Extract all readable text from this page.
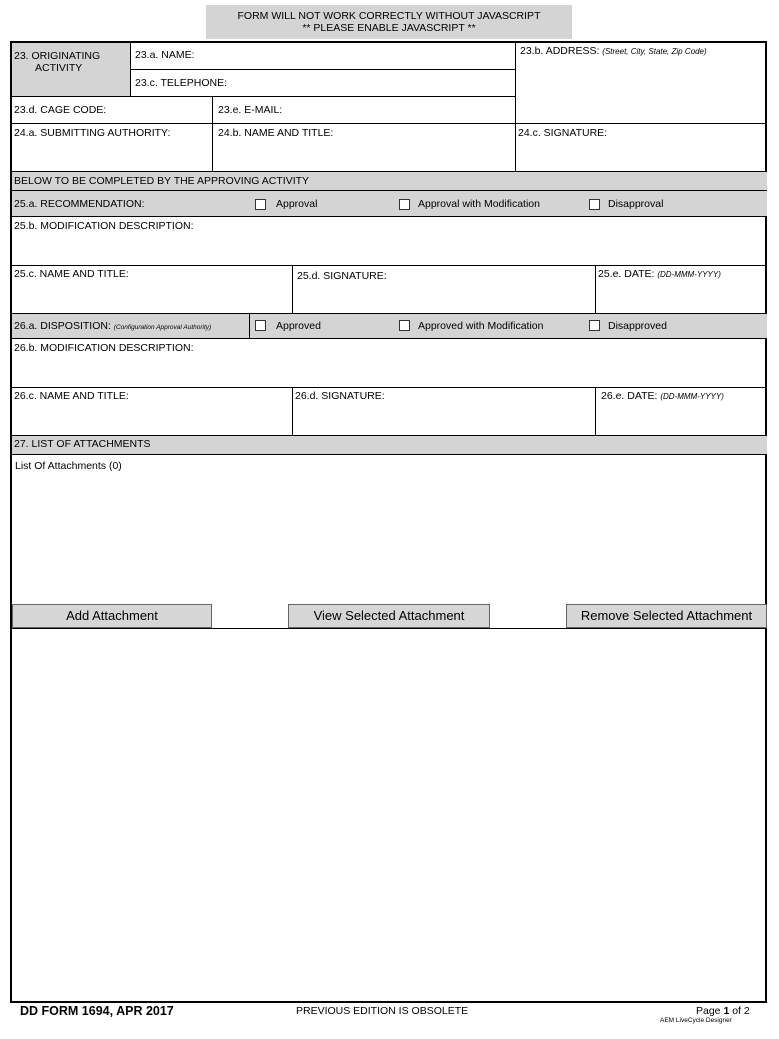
FORM WILL NOT WORK CORRECTLY WITHOUT JAVASCRIPT
** PLEASE ENABLE JAVASCRIPT **
23. ORIGINATING
ACTIVITY
23.a. NAME:	23.b. ADDRESS: (Street, City, State, Zip Code)
23.c. TELEPHONE:
23.d. CAGE CODE:	23.e. E-MAIL:
24.a. SUBMITTING AUTHORITY:	24.b. NAME AND TITLE:	24.c. SIGNATURE:
BELOW TO BE COMPLETED BY THE APPROVING ACTIVITY
25.a. RECOMMENDATION:	Approval	Approval with Modification	Disapproval
25.b. MODIFICATION DESCRIPTION:
25.c. NAME AND TITLE:	25.d. SIGNATURE:	25.e. DATE: (DD-MMM-YYYY)
26.a. DISPOSITION: (Configuration Approval Authority)	Approved	Approved with Modification	Disapproved
26.b. MODIFICATION DESCRIPTION:
26.c. NAME AND TITLE:	26.d. SIGNATURE:	26.e. DATE: (DD-MMM-YYYY)
27. LIST OF ATTACHMENTS
List Of Attachments (0)
Add Attachment	View Selected Attachment	Remove Selected Attachment
DD FORM 1694, APR 2017	PREVIOUS EDITION IS OBSOLETE	Page 1 of 2
AEM LiveCycle Designer
